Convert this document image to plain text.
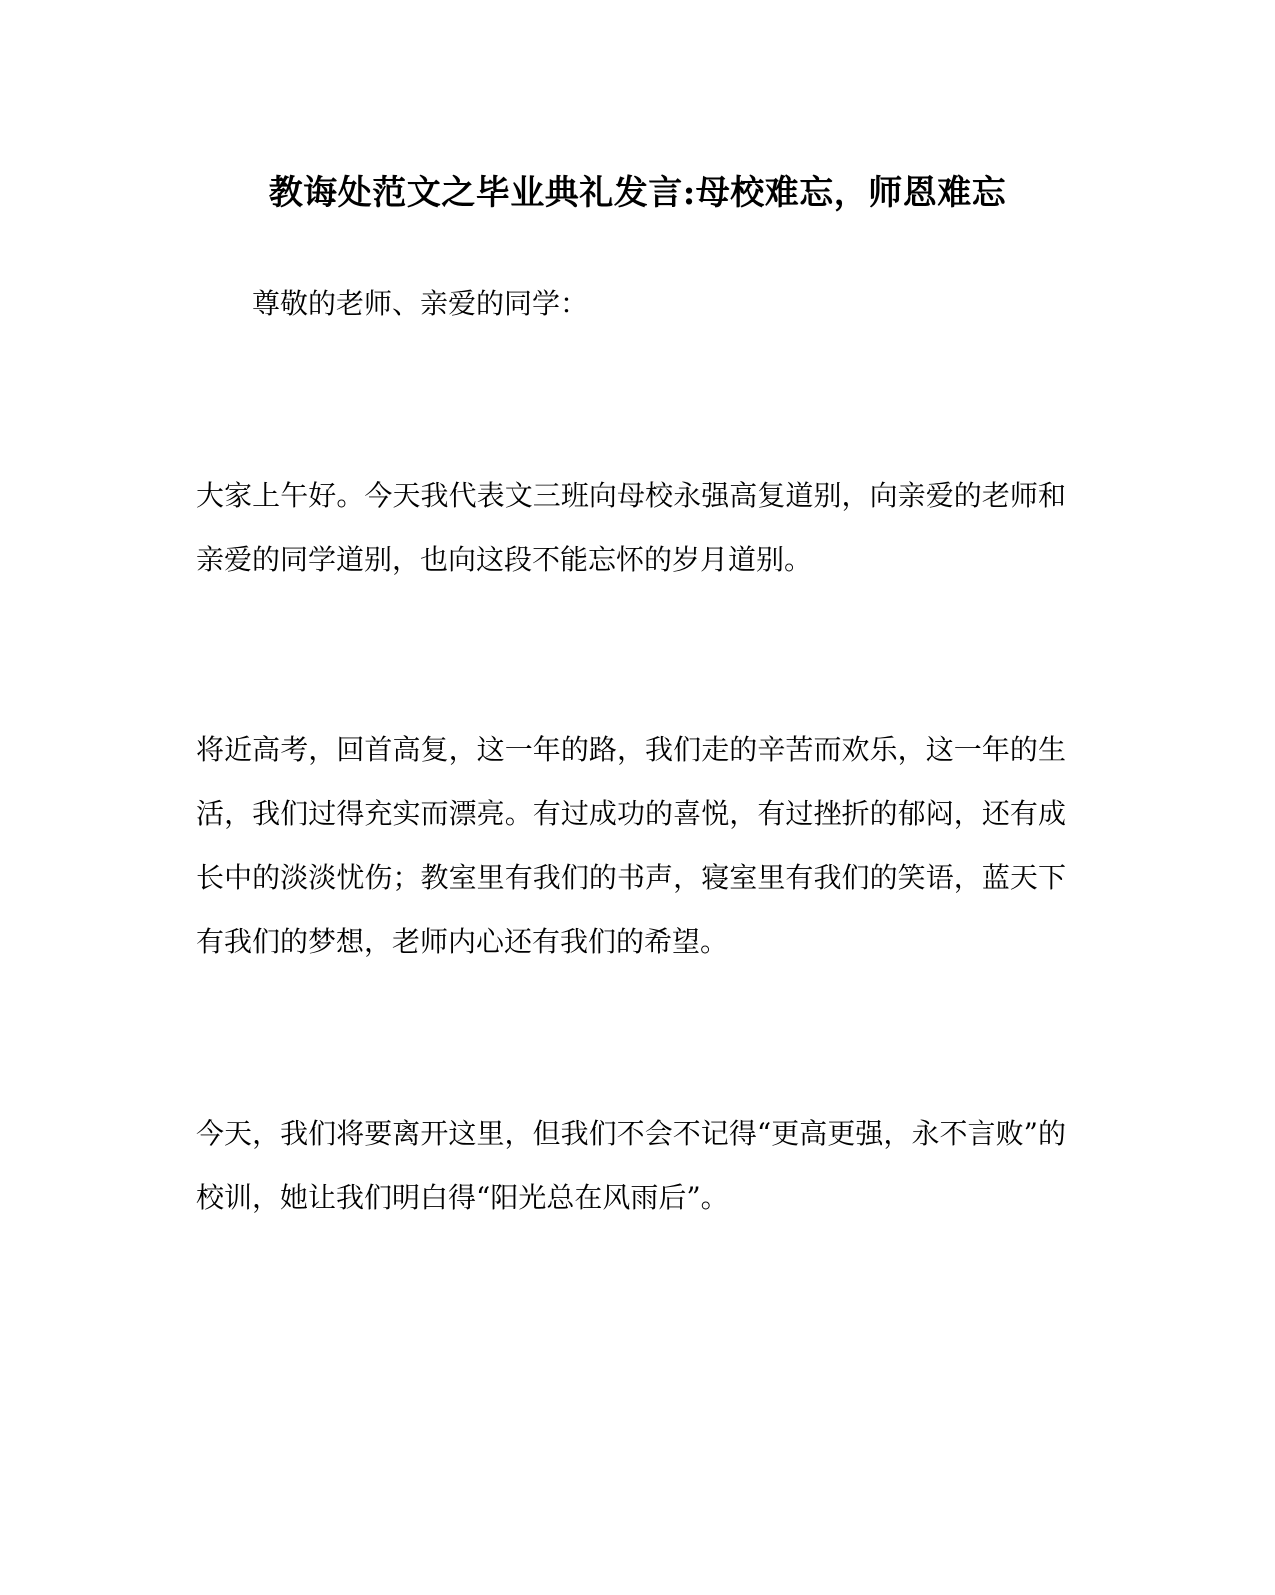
教诲处范文之毕业典礼发言:母校难忘，师恩难忘
尊敬的老师、亲爱的同学：
大家上午好。今天我代表文三班向母校永强高复道别，向亲爱的老师和亲爱的同学道别，也向这段不能忘怀的岁月道别。
将近高考，回首高复，这一年的路，我们走的辛苦而欢乐，这一年的生活，我们过得充实而漂亮。有过成功的喜悦，有过挫折的郁闷，还有成长中的淡淡忧伤；教室里有我们的书声，寝室里有我们的笑语，蓝天下有我们的梦想，老师内心还有我们的希望。
今天，我们将要离开这里，但我们不会不记得“更高更强，永不言败”的校训，她让我们明白得“阳光总在风雨后”。
